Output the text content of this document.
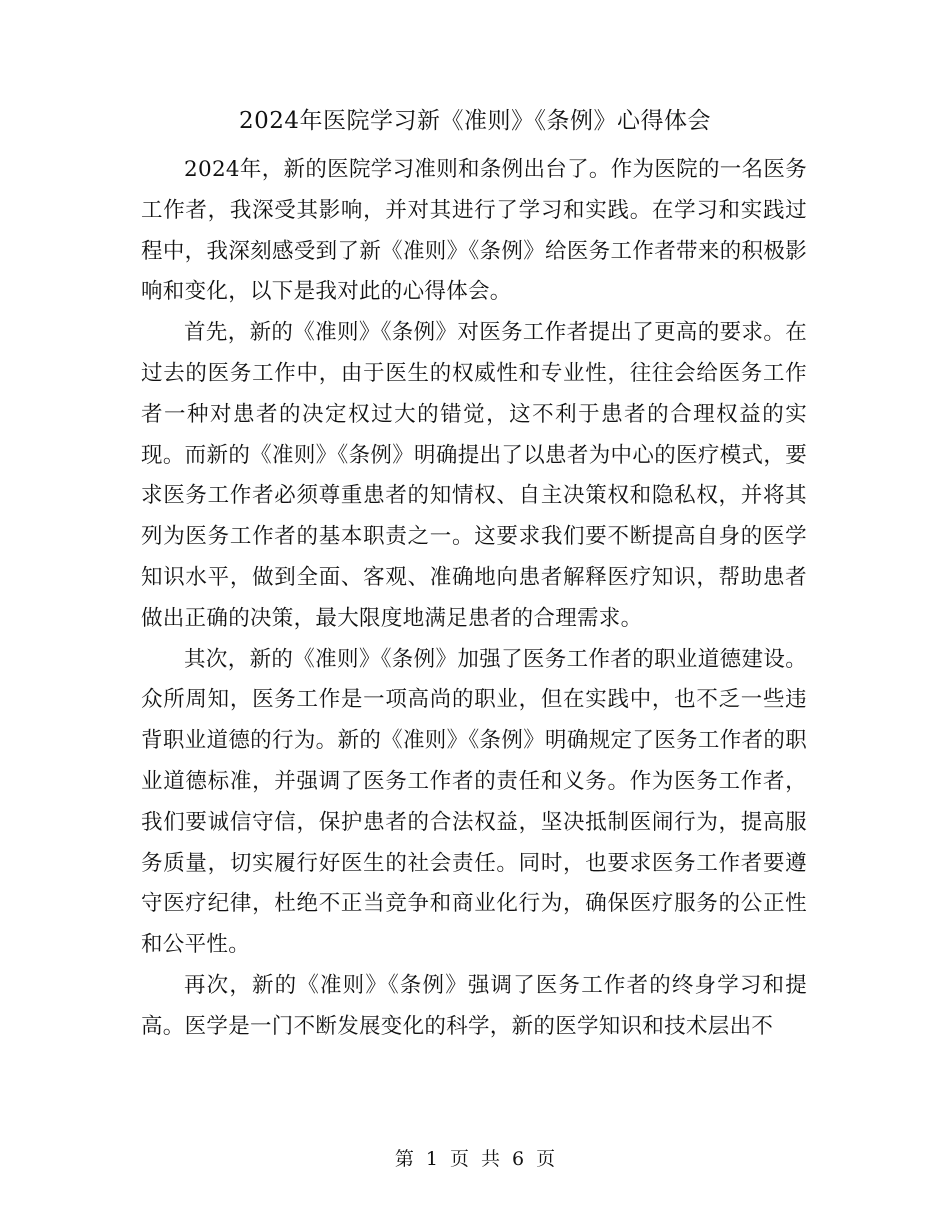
2024年医院学习新《准则》《条例》心得体会

2024年，新的医院学习准则和条例出台了。作为医院的一名医务工作者，我深受其影响，并对其进行了学习和实践。在学习和实践过程中，我深刻感受到了新《准则》《条例》给医务工作者带来的积极影响和变化，以下是我对此的心得体会。

首先，新的《准则》《条例》对医务工作者提出了更高的要求。在过去的医务工作中，由于医生的权威性和专业性，往往会给医务工作者一种对患者的决定权过大的错觉，这不利于患者的合理权益的实现。而新的《准则》《条例》明确提出了以患者为中心的医疗模式，要求医务工作者必须尊重患者的知情权、自主决策权和隐私权，并将其列为医务工作者的基本职责之一。这要求我们要不断提高自身的医学知识水平，做到全面、客观、准确地向患者解释医疗知识，帮助患者做出正确的决策，最大限度地满足患者的合理需求。

其次，新的《准则》《条例》加强了医务工作者的职业道德建设。众所周知，医务工作是一项高尚的职业，但在实践中，也不乏一些违背职业道德的行为。新的《准则》《条例》明确规定了医务工作者的职业道德标准，并强调了医务工作者的责任和义务。作为医务工作者，我们要诚信守信，保护患者的合法权益，坚决抵制医闹行为，提高服务质量，切实履行好医生的社会责任。同时，也要求医务工作者要遵守医疗纪律，杜绝不正当竞争和商业化行为，确保医疗服务的公正性和公平性。

再次，新的《准则》《条例》强调了医务工作者的终身学习和提高。医学是一门不断发展变化的科学，新的医学知识和技术层出不

第 1 页 共 6 页
